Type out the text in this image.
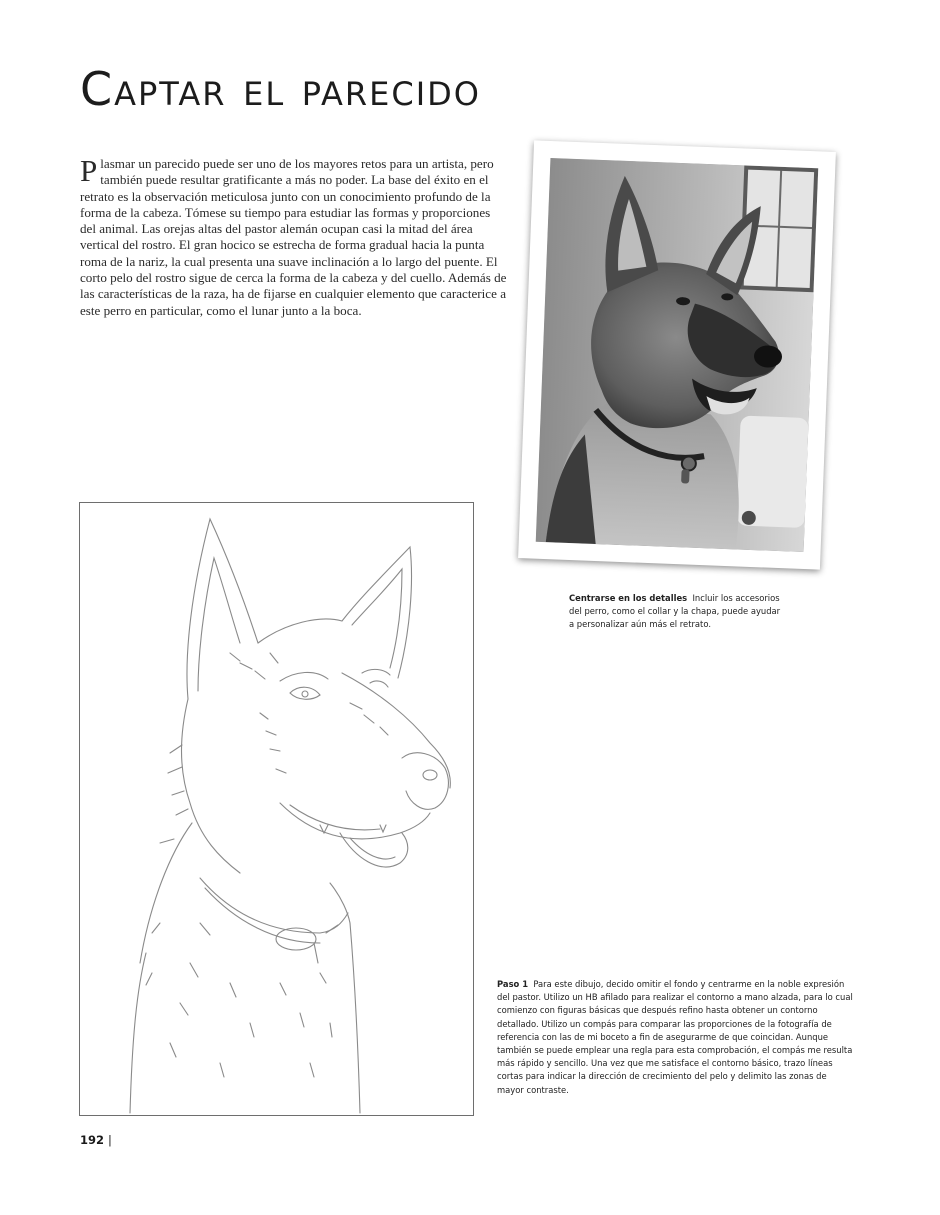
Captar el parecido

Plasmar un parecido puede ser uno de los mayores retos para un artista, pero también puede resultar gratificante a más no poder. La base del éxito en el retrato es la observación meticulosa junto con un conocimiento profundo de la forma de la cabeza. Tómese su tiempo para estudiar las formas y proporciones del animal. Las orejas altas del pastor alemán ocupan casi la mitad del área vertical del rostro. El gran hocico se estrecha de forma gradual hacia la punta roma de la nariz, la cual presenta una suave inclinación a lo largo del puente. El corto pelo del rostro sigue de cerca la forma de la cabeza y del cuello. Además de las características de la raza, ha de fijarse en cualquier elemento que caracterice a este perro en particular, como el lunar junto a la boca.

Centrarse en los detalles Incluir los accesorios del perro, como el collar y la chapa, puede ayudar a personalizar aún más el retrato.

Paso 1 Para este dibujo, decido omitir el fondo y centrarme en la noble expresión del pastor. Utilizo un HB afilado para realizar el contorno a mano alzada, para lo cual comienzo con figuras básicas que después refino hasta obtener un contorno detallado. Utilizo un compás para comparar las proporciones de la fotografía de referencia con las de mi boceto a fin de asegurarme de que coincidan. Aunque también se puede emplear una regla para esta comprobación, el compás me resulta más rápido y sencillo. Una vez que me satisface el contorno básico, trazo líneas cortas para indicar la dirección de crecimiento del pelo y delimito las zonas de mayor contraste.

192 |
